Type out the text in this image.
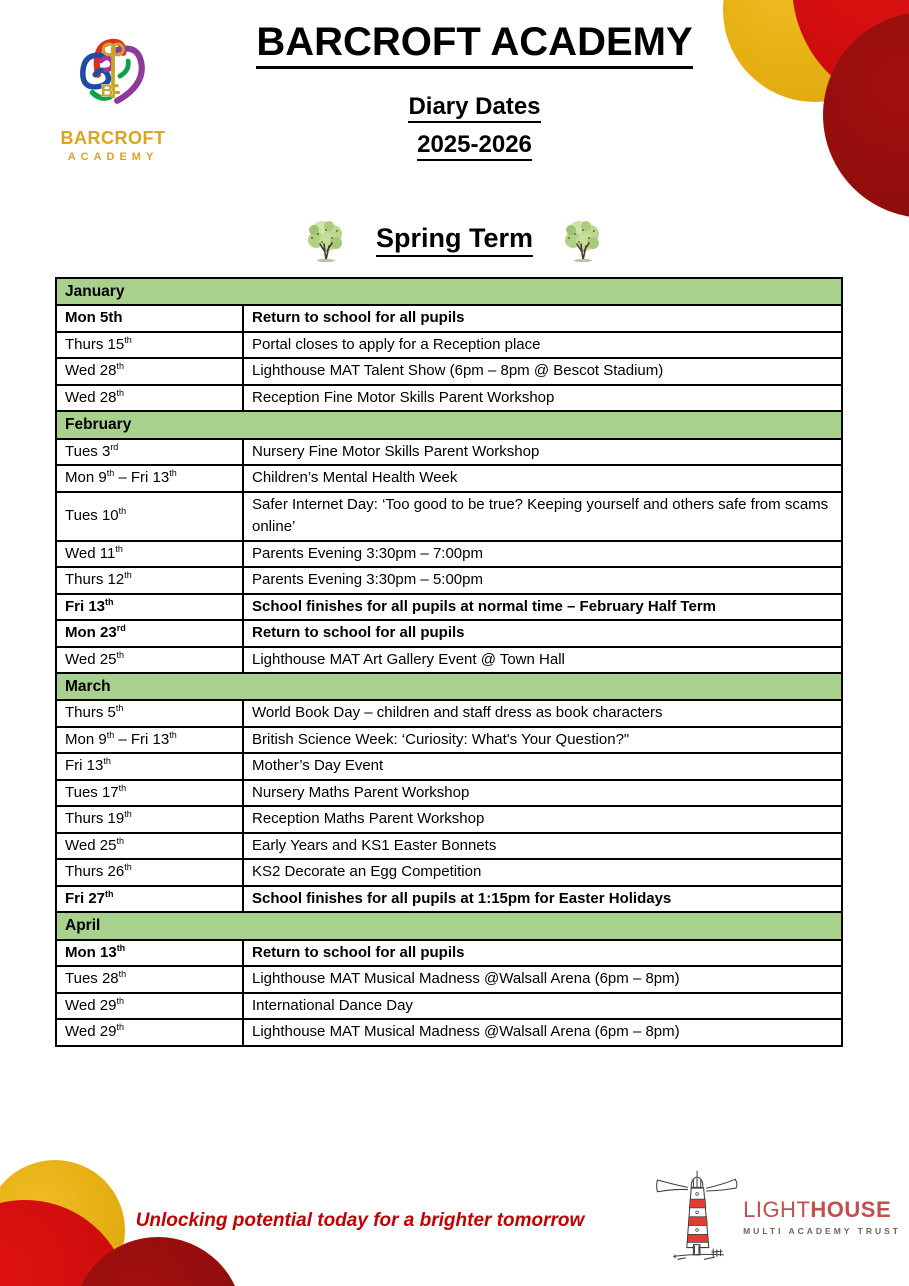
B
BARCROFT
ACADEMY
BARCROFT ACADEMY
Diary Dates
2025-2026
Spring Term
January	
Mon 5th	Return to school for all pupils
Thurs 15th	Portal closes to apply for a Reception place
Wed 28th	Lighthouse MAT Talent Show (6pm – 8pm @ Bescot Stadium)
Wed 28th	Reception Fine Motor Skills Parent Workshop
February	
Tues 3rd	Nursery Fine Motor Skills Parent Workshop
Mon 9th – Fri 13th	Children’s Mental Health Week
Tues 10th	Safer Internet Day: ‘Too good to be true? Keeping yourself and others safe from scams online’
Wed 11th	Parents Evening 3:30pm – 7:00pm
Thurs 12th	Parents Evening 3:30pm – 5:00pm
Fri 13th	School finishes for all pupils at normal time – February Half Term
Mon 23rd	Return to school for all pupils
Wed 25th	Lighthouse MAT Art Gallery Event @ Town Hall
March	
Thurs 5th	World Book Day – children and staff dress as book characters
Mon 9th – Fri 13th	British Science Week: ‘Curiosity: What's Your Question?"
Fri 13th	Mother’s Day Event
Tues 17th	Nursery Maths Parent Workshop
Thurs 19th	Reception Maths Parent Workshop
Wed 25th	Early Years and KS1 Easter Bonnets
Thurs 26th	KS2 Decorate an Egg Competition
Fri 27th	School finishes for all pupils at 1:15pm for Easter Holidays
April	
Mon 13th	Return to school for all pupils
Tues 28th	Lighthouse MAT Musical Madness @Walsall Arena (6pm – 8pm)
Wed 29th	International Dance Day
Wed 29th	Lighthouse MAT Musical Madness @Walsall Arena (6pm – 8pm)
Unlocking potential today for a brighter tomorrow	LIGHTHOUSE
MULTI ACADEMY TRUST
